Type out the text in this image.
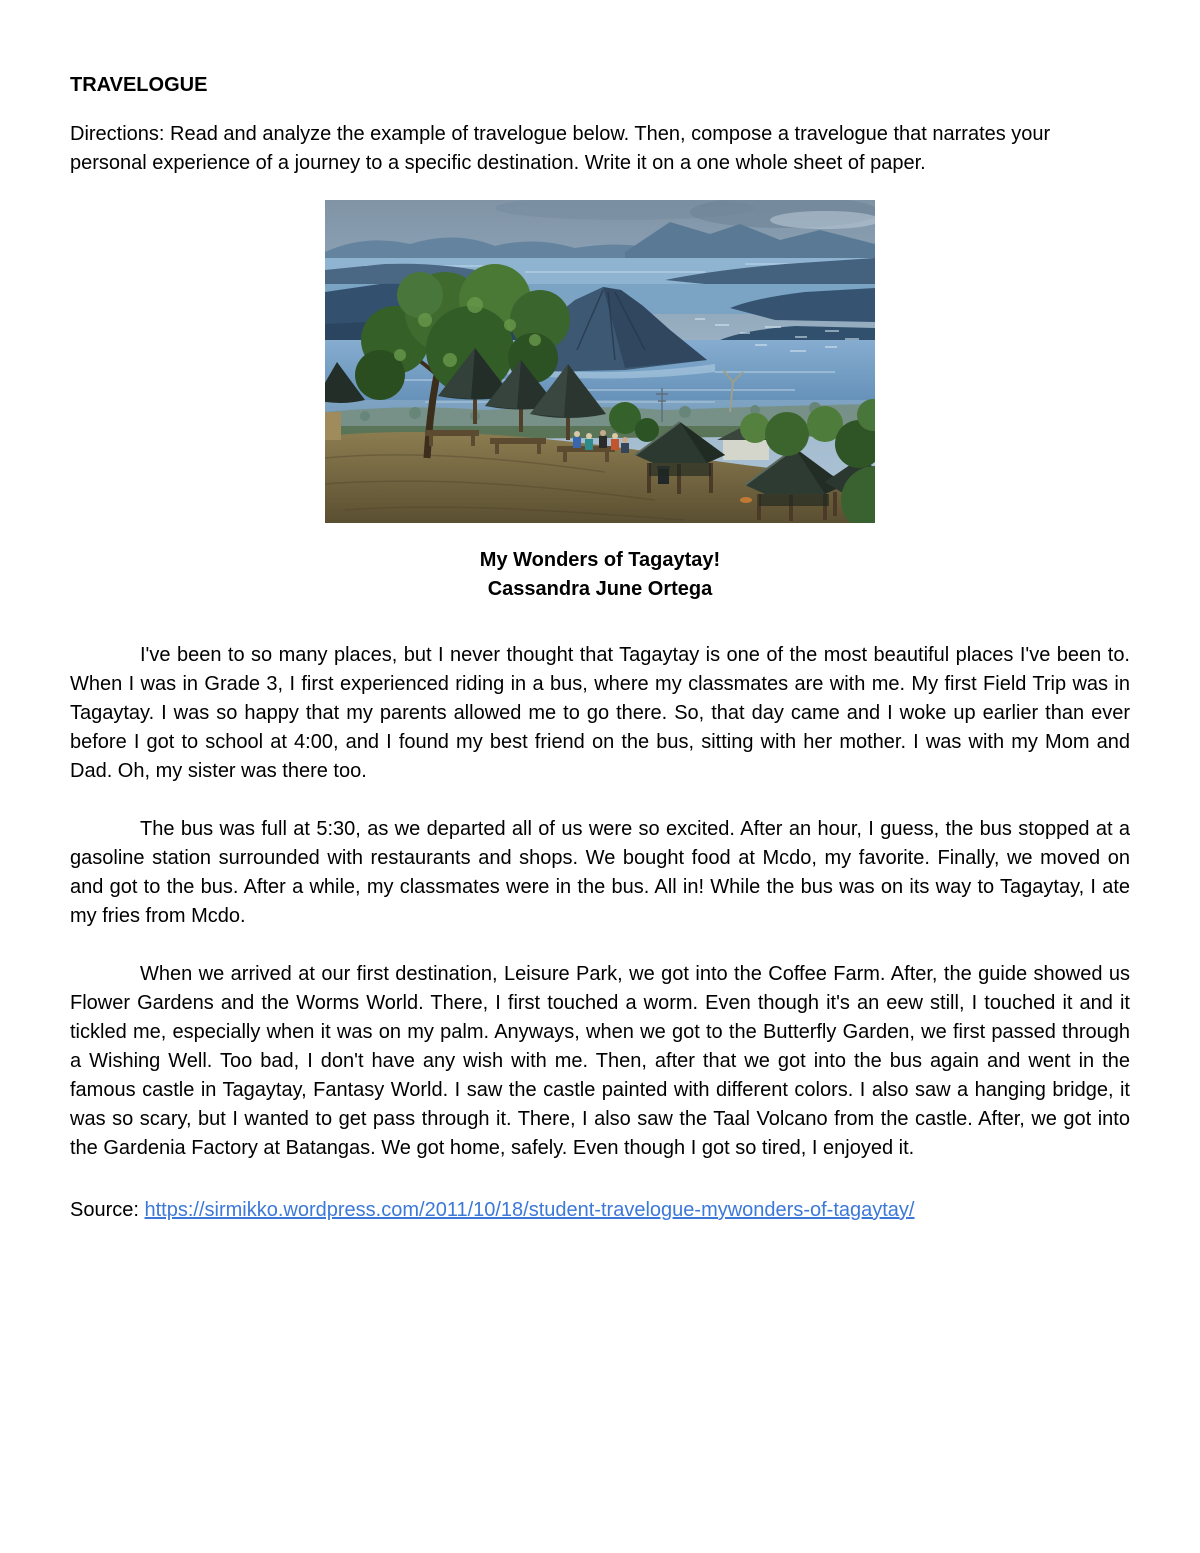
TRAVELOGUE

Directions: Read and analyze the example of travelogue below. Then, compose a travelogue that narrates your personal experience of a journey to a specific destination. Write it on a one whole sheet of paper.

My Wonders of Tagaytay!
Cassandra June Ortega

I've been to so many places, but I never thought that Tagaytay is one of the most beautiful places I've been to. When I was in Grade 3, I first experienced riding in a bus, where my classmates are with me. My first Field Trip was in Tagaytay. I was so happy that my parents allowed me to go there. So, that day came and I woke up earlier than ever before I got to school at 4:00, and I found my best friend on the bus, sitting with her mother. I was with my Mom and Dad. Oh, my sister was there too.

The bus was full at 5:30, as we departed all of us were so excited. After an hour, I guess, the bus stopped at a gasoline station surrounded with restaurants and shops. We bought food at Mcdo, my favorite. Finally, we moved on and got to the bus. After a while, my classmates were in the bus. All in! While the bus was on its way to Tagaytay, I ate my fries from Mcdo.

When we arrived at our first destination, Leisure Park, we got into the Coffee Farm. After, the guide showed us Flower Gardens and the Worms World. There, I first touched a worm. Even though it's an eew still, I touched it and it tickled me, especially when it was on my palm. Anyways, when we got to the Butterfly Garden, we first passed through a Wishing Well. Too bad, I don't have any wish with me. Then, after that we got into the bus again and went in the famous castle in Tagaytay, Fantasy World. I saw the castle painted with different colors. I also saw a hanging bridge, it was so scary, but I wanted to get pass through it. There, I also saw the Taal Volcano from the castle. After, we got into the Gardenia Factory at Batangas. We got home, safely. Even though I got so tired, I enjoyed it.

Source: https://sirmikko.wordpress.com/2011/10/18/student-travelogue-mywonders-of-tagaytay/
